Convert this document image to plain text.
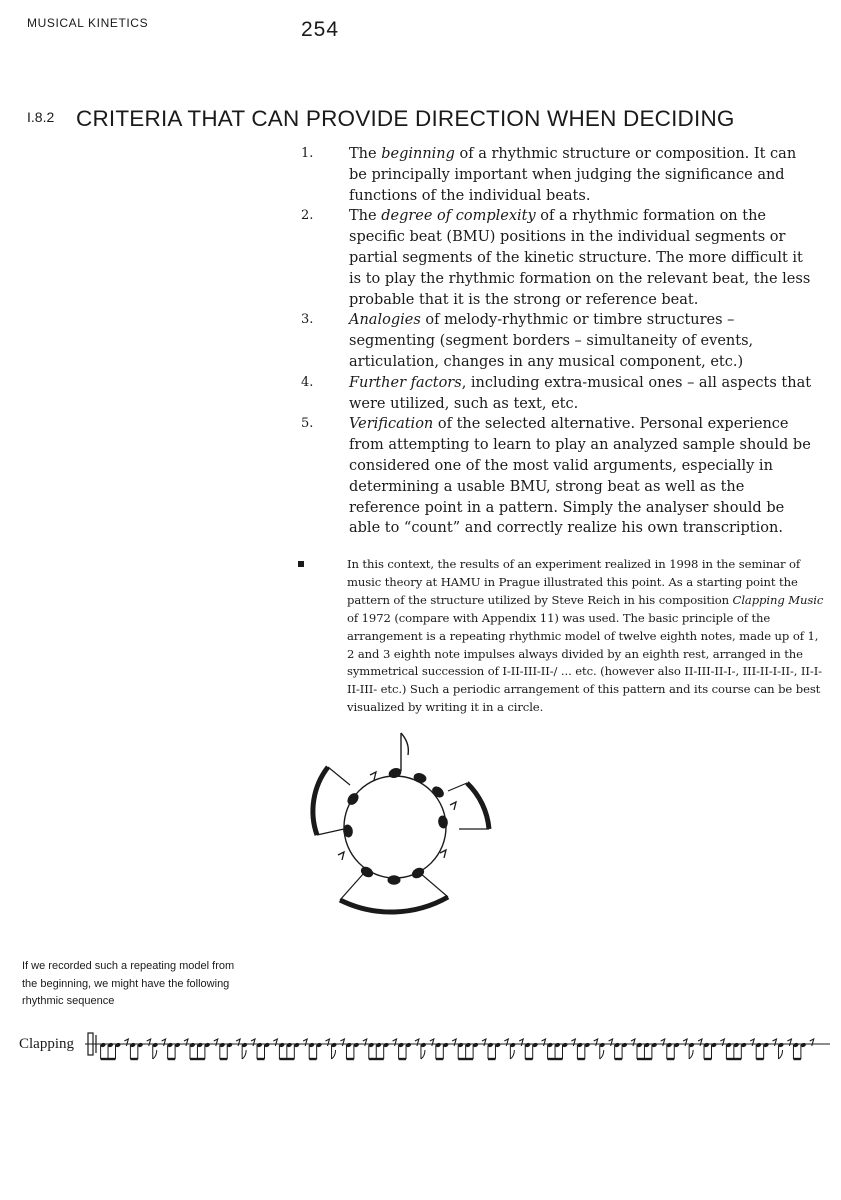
MUSICAL KINETICS	254
I.8.2 CRITERIA THAT CAN PROVIDE DIRECTION WHEN DECIDING
1. The beginning of a rhythmic structure or composition. It can be principally important when judging the significance and functions of the individual beats.
2. The degree of complexity of a rhythmic formation on the specific beat (BMU) positions in the individual segments or partial segments of the kinetic structure. The more difficult it is to play the rhythmic formation on the relevant beat, the less probable that it is the strong or reference beat.
3. Analogies of melody-rhythmic or timbre structures – segmenting (segment borders – simultaneity of events, articulation, changes in any musical component, etc.)
4. Further factors, including extra-musical ones – all aspects that were utilized, such as text, etc.
5. Verification of the selected alternative. Personal experience from attempting to learn to play an analyzed sample should be considered one of the most valid arguments, especially in determining a usable BMU, strong beat as well as the reference point in a pattern. Simply the analyser should be able to “count” and correctly realize his own transcription.
In this context, the results of an experiment realized in 1998 in the seminar of music theory at HAMU in Prague illustrated this point. As a starting point the pattern of the structure utilized by Steve Reich in his composition Clapping Music of 1972 (compare with Appendix 11) was used. The basic principle of the arrangement is a repeating rhythmic model of twelve eighth notes, made up of 1, 2 and 3 eighth note impulses always divided by an eighth rest, arranged in the symmetrical succession of I-II-III-II-/ ... etc. (however also II-III-II-I-, III-II-I-II-, II-I-II-III- etc.) Such a periodic arrangement of this pattern and its course can be best visualized by writing it in a circle.
If we recorded such a repeating model from the beginning, we might have the following rhythmic sequence
Clapping
